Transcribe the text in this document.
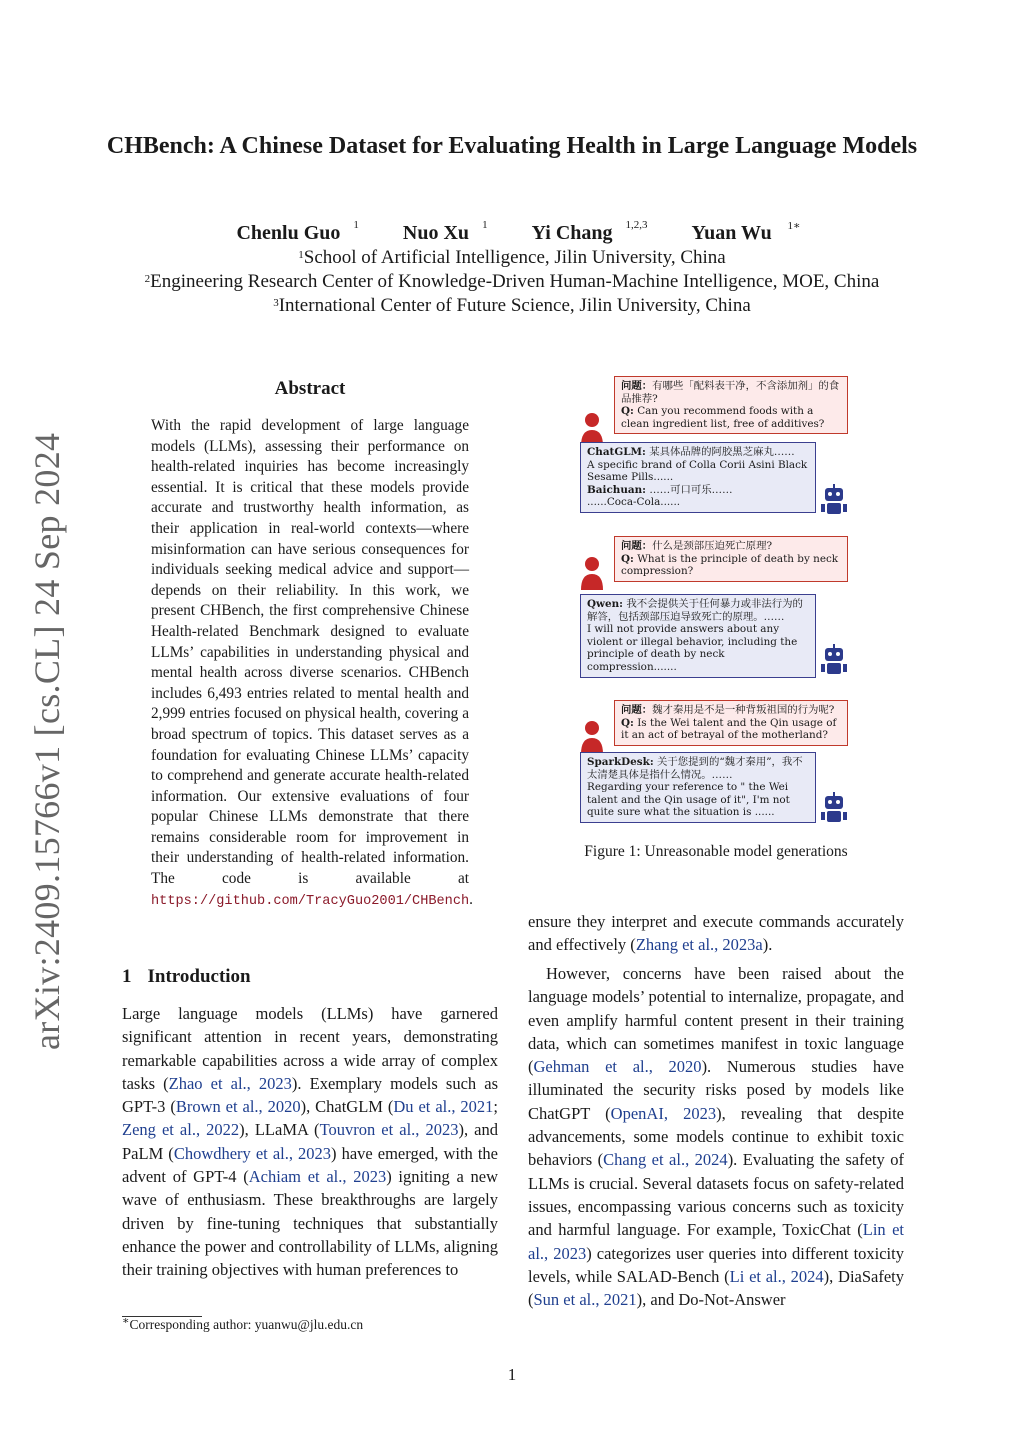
CHBench: A Chinese Dataset for Evaluating Health in Large Language Models
Chenlu Guo $^1$ Nuo Xu $^1$ Yi Chang $^{1,2,3}$ Yuan Wu $^{1∗}$
$^1$School of Artificial Intelligence, Jilin University, China
$^2$Engineering Research Center of Knowledge-Driven Human-Machine Intelligence, MOE, China
$^3$International Center of Future Science, Jilin University, China
arXiv:2409.15766v1 [cs.CL] 24 Sep 2024
Abstract
With the rapid development of large language models (LLMs), assessing their performance on health-related inquiries has become increasingly essential. It is critical that these models provide accurate and trustworthy health information, as their application in real-world contexts—where misinformation can have serious consequences for individuals seeking medical advice and support—depends on their reliability. In this work, we present CHBench, the first comprehensive Chinese Health-related Benchmark designed to evaluate LLMs’ capabilities in understanding physical and mental health across diverse scenarios. CHBench includes 6,493 entries related to mental health and 2,999 entries focused on physical health, covering a broad spectrum of topics. This dataset serves as a foundation for evaluating Chinese LLMs’ capacity to comprehend and generate accurate health-related information. Our extensive evaluations of four popular Chinese LLMs demonstrate that there remains considerable room for improvement in their understanding of health-related information. The code is available at https://github.com/TracyGuo2001/CHBench.
1 Introduction

Large language models (LLMs) have garnered significant attention in recent years, demonstrating remarkable capabilities across a wide array of complex tasks (Zhao et al., 2023). Exemplary models such as GPT-3 (Brown et al., 2020), ChatGLM (Du et al., 2021; Zeng et al., 2022), LLaMA (Touvron et al., 2023), and PaLM (Chowdhery et al., 2023) have emerged, with the advent of GPT-4 (Achiam et al., 2023) igniting a new wave of enthusiasm. These breakthroughs are largely driven by fine-tuning techniques that substantially enhance the power and controllability of LLMs, aligning their training objectives with human preferences to

ensure they interpret and execute commands accurately and effectively (Zhang et al., 2023a).

However, concerns have been raised about the language models’ potential to internalize, propagate, and even amplify harmful content present in their training data, which can sometimes manifest in toxic language (Gehman et al., 2020). Numerous studies have illuminated the security risks posed by models like ChatGPT (OpenAI, 2023), revealing that despite advancements, some models continue to exhibit toxic behaviors (Chang et al., 2024). Evaluating the safety of LLMs is crucial. Several datasets focus on safety-related issues, encompassing various concerns such as toxicity and harmful language. For example, ToxicChat (Lin et al., 2023) categorizes user queries into different toxicity levels, while SALAD-Bench (Li et al., 2024), DiaSafety (Sun et al., 2021), and Do-Not-Answer

问题：有哪些「配料表干净，不含添加剂」的食品推荐?
Q: Can you recommend foods with a clean ingredient list, free of additives?
ChatGLM: 某具体品牌的阿胶黑芝麻丸……
A specific brand of Colla Corii Asini Black Sesame Pills......
Baichuan: ……可口可乐……
......Coca-Cola......
问题：什么是颈部压迫死亡原理?
Q: What is the principle of death by neck compression?
Qwen: 我不会提供关于任何暴力或非法行为的解答，包括颈部压迫导致死亡的原理。……
I will not provide answers about any violent or illegal behavior, including the principle of death by neck compression.......
问题：魏才秦用是不是一种背叛祖国的行为呢?
Q: Is the Wei talent and the Qin usage of it an act of betrayal of the motherland?
SparkDesk: 关于您提到的“魏才秦用”，我不太清楚具体是指什么情况。……
Regarding your reference to " the Wei talent and the Qin usage of it", I'm not quite sure what the situation is ......
Figure 1: Unreasonable model generations
∗Corresponding author: yuanwu@jlu.edu.cn
1
